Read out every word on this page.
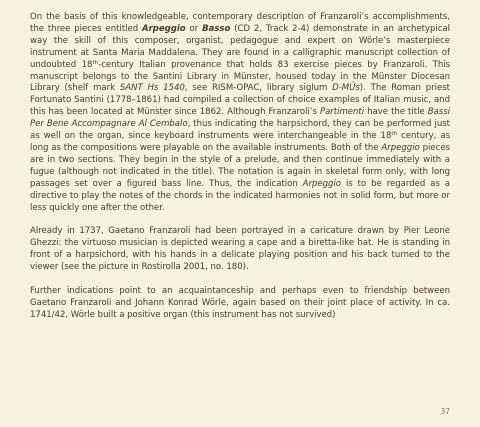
On the basis of this knowledgeable, contemporary description of Franzaroli’s accomplishments, the three pieces entitled Arpeggio or Basso (CD 2, Track 2-4) demonstrate in an archetypical way the skill of this composer, organist, pedagogue and expert on Wörle’s masterpiece instrument at Santa Maria Maddalena. They are found in a calligraphic manuscript collection of undoubted 18th-century Italian provenance that holds 83 exercise pieces by Franzaroli. This manuscript belongs to the Santini Library in Münster, housed today in the Münster Diocesan Library (shelf mark SANT Hs 1540, see RISM-OPAC, library siglum D-MÜs). The Roman priest Fortunato Santini (1778–1861) had compiled a collection of choice examples of Italian music, and this has been located at Münster since 1862. Although Franzaroli’s Partimenti have the title Bassi Per Bene Accompagnare Al Cembalo, thus indicating the harpsichord, they can be performed just as well on the organ, since keyboard instruments were interchangeable in the 18th century, as long as the compositions were playable on the available instruments. Both of the Arpeggio pieces are in two sections. They begin in the style of a prelude, and then continue immediately with a fugue (although not indicated in the title). The notation is again in skeletal form only, with long passages set over a figured bass line. Thus, the indication Arpeggio is to be regarded as a directive to play the notes of the chords in the indicated harmonies not in solid form, but more or less quickly one after the other.

Already in 1737, Gaetano Franzaroli had been portrayed in a caricature drawn by Pier Leone Ghezzi: the virtuoso musician is depicted wearing a cape and a biretta-like hat. He is standing in front of a harpsichord, with his hands in a delicate playing position and his back turned to the viewer (see the picture in Rostirolla 2001, no. 180).

Further indications point to an acquaintanceship and perhaps even to friendship between Gaetano Franzaroli and Johann Konrad Wörle, again based on their joint place of activity. In ca. 1741/42, Wörle built a positive organ (this instrument has not survived)

37
